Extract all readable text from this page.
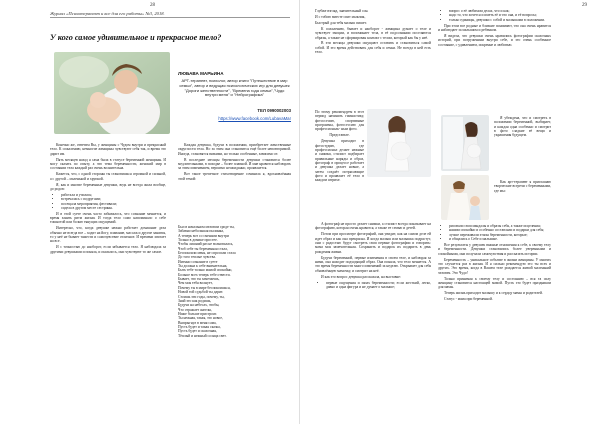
28
Журнал «Психотерапевт и все для его работы» №3, 2018.
У кого самое удивительное и прекрасное тело?
ЛЮБАВА МАРЬИНА
АРТ-терапевт, психолог, автор книги "Путешествие в мир семьи", автор и ведущая психологических игр для девушек "Дороги женственности", "Времена года семьи","Чудо внутри меня" и "Нейрографика"
ТЕЛ 0990002003
https://www.facebook.com/LubavaMar

Конечно же, ответим Вы, у женщины с Чудом внутри и прекрасный тело. К сожалению, немногие женщины чувствуют себя так, и время это дарит им.

Пять месяцев назад я сама была в статусе беременной женщины. И могу сказать по опыту, а что тема беременности, женский мир в состоянии тела каждый раз очень волнительна.

Кажется, что, с одной стороны ты становишься огромной и сильной, а с другой – маленькой и хрупкой.

Я, как и многие беременные девушки, ведь не всегда жила вообще, до родов:

• работала и училась;
• встречалась с подругами;
• посещала мероприятия, фестивали;
• сидела в другом месте сестрины.

И в этой суете очень часто забывалось, что сознание меняется, и время занять ритм жизни. И тогда тело само напоминало о себе тошнотой или болью тянущих ощущений.

Интересно, что, когда девушке нежно работает домашние дела обычно не всегда все – ходит на йогу, плавание, массаж и другие занятия, то у неё не бывает тяжести и самочувствие отличное. И времени хватает на все.

И с точностью до наоборот, если забывается тело. Я наблюдала за другими девушками и поняла, и оказалось, они чувствуют то же самое.

Каждая девушка, будучи в положении, приобретает женственные округлости тела. Но за этим она становится ещё более неповторимой. Иногда, становятся вязкими, но только особенные, зависимо от.

В последнее месяцы беременности девушки становятся более медлительными, в походке – более плавной. И мне нравится наблюдать за этим изменением, вероятно неожиданно, проявляется.

Вот такое трепетное стихотворение сочинила я, вдохновлённая этой темой:

Был в начальном меловом сроде ты,
Забавно небольшая пылинка,
А теперь вот со сменами внутри
Только в домике простее.
Чтобы лишний раз не волновалась,
Чтоб себе ты беременная стала,
Беспокоили меня, не спросили стала
До того теплые чувства.
Именно сознание в суете
Ты должна к себе внимательна,
Быть тебе только мамой спокойно,
Больше всех теперь тебе отвести.
Бывает, что ты замечаешь,
Чем моя тебя волнует,
Почему ты в мире беспокоишься,
Новой той судьбой ты дарит.
Стоишь эти годы, почему, ты,
Знай это как родишь,
Будучи на небесах, чтобы,
Что отражает ангелы,
Ниже больше пристроят.
Ты нежная, такая, это новое,
Выпрыгнул в меня сама,
Пусть будет и такая сказка,
Пусть будет и сказочная,
Тёплый и нежный солнца свет.
29

Глубже взгляд, значительный сон.

И с тобою вместе спит мальчик,

Быстрый для тебя малыш пишет.

К сожалению, бывает и наоборот - женщина думает о теле и чувствует эмоции, и вспоминает тела, в её подсознании поселяются образы, а также не сформирован контакт с телом, который как бы у неё.

В эти месяцы девушки ощущают оставить и становиться самой собой. И это время действовать для себя и семьи. Не всегда в ней есть тело.

По этому рекомендуем в этот период начинать гимнастику, фотоссесию, спортивные программы, фотосессию для профессиональ- ным фото.

Представьте.

Девушка приходит в фотостудию, где профессионал делает нежные и снимки, стилист подбирает правильные наряды и образ, фотограф в процессе работает и девушка делает новые, а затем создаёт потрясающие фото и проявляет её тело в каждом штрихе.

А фотограф не просто делает снимки, а стилист всегда показывает на фотографию, которая очень нравится, а также ее семью и детей.

Потом при просмотре фотографий, она увидит, как на самом деле ей идет образ и как она прекрасна. И когда малыш или малышка подрастут, они с радостью будут смотреть свои первые фотографии и говорить: мама моя замечательная. Сохранить и подарок их подарить в день рождения жизни.

Будучи беременной, первые изменения в своем теле, и наблюдая за ними, она находит подходящий образ. Она поняла, что тело меняется. А это время беременности много изменений за неделю. Открывает для себя обновлённую мамочку, и смотрит на неё.

И как это вопрос девушка рассказала, на выставке:

• первые ощущения и запах беременности; если жесткий, легко, давно и одна фигура и не думает о малыше;
• вопрос о её любимом делах, что и как;
• надо то, что хочется и иметь её и что она, и её вопросы;
• только единицы, девушки с собой и малышами в положении.

При этом все родные и близкие понимают, что она очень нравится и наблюдает за малышом и ребенком.

Я видела, что девушки очень нравились фотографии сказочных историй, при погружениям внутри себе, и это очень особенное состояние, с удивлением, искренне и любовью.

Я убеждена, что и смотреть в положении беременной, выбирает, и каждая одна особенно и смотрит в фото сладкие её вещи и украшения будущем.

Как арт-терапевт я приглашаю творческие встречи с беременными, где мы:

• рисовали свои мандалы и образы себя, а также исцеления;
• нашим спокойно и особенно составляли и подарки для себя;
• лучше переживали этапы беременности, которые;
• и общались о Себе и малышке.

Все результаты у девушек важные отношения к себе, к своему телу и беременности. Девушки становились более уверенными и спокойными, они получали самочувствия и рассказать истории.

Беременность – уникальное событие в жизни женщины. У многих это случается раз в жизни. И я сильно рекомендую это ты всех и других. Это время, когда в Вашем теле рождается живой маленький человек. Это Чудо!

Только принимая к своему телу и состоянию – вся та силу женщину становится настоящей мамой. Пусть это будет праздником для мамы.

Теперь жизнь приходит малышу и к сердцу мамы и родителей.

Статус - мама при беременной.
